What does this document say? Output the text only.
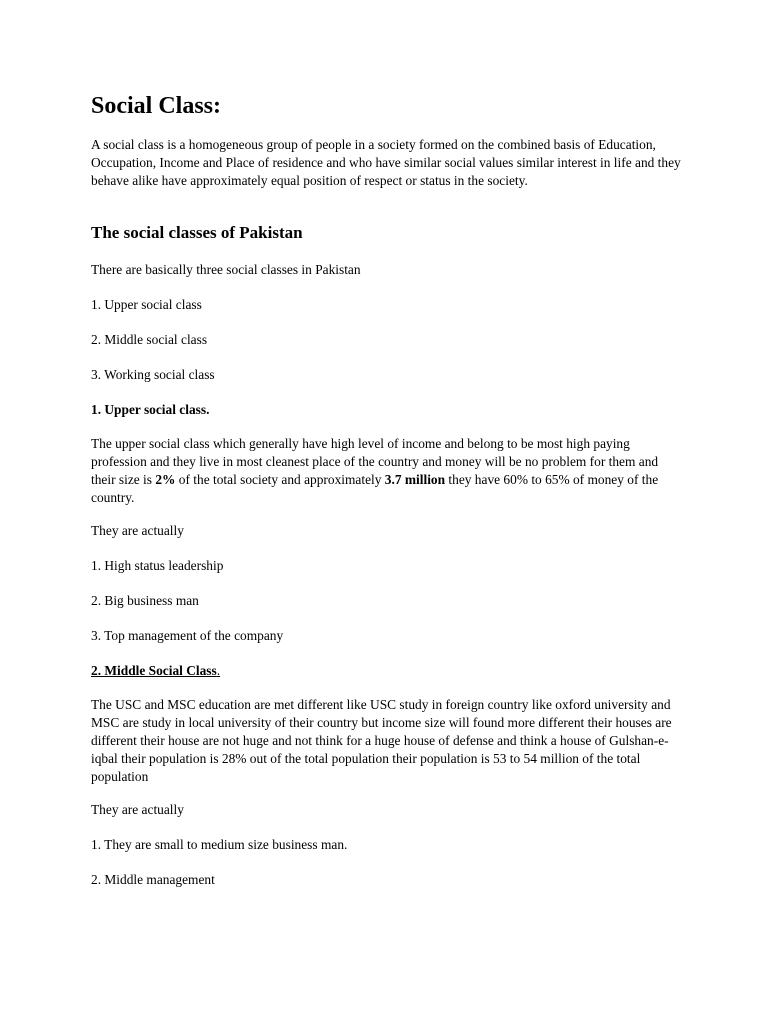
Social Class:

A social class is a homogeneous group of people in a society formed on the combined basis of Education, Occupation, Income and Place of residence and who have similar social values similar interest in life and they behave alike have approximately equal position of respect or status in the society.

The social classes of Pakistan

There are basically three social classes in Pakistan

1. Upper social class

2. Middle social class

3. Working social class

1. Upper social class.

The upper social class which generally have high level of income and belong to be most high paying profession and they live in most cleanest place of the country and money will be no problem for them and their size is 2% of the total society and approximately 3.7 million they have 60% to 65% of money of the country.

They are actually

1. High status leadership

2. Big business man

3. Top management of the company

2. Middle Social Class.

The USC and MSC education are met different like USC study in foreign country like oxford university and MSC are study in local university of their country but income size will found more different their houses are different their house are not huge and not think for a huge house of defense and think a house of Gulshan-e-iqbal their population is 28% out of the total population their population is 53 to 54 million of the total population

They are actually

1. They are small to medium size business man.

2. Middle management
